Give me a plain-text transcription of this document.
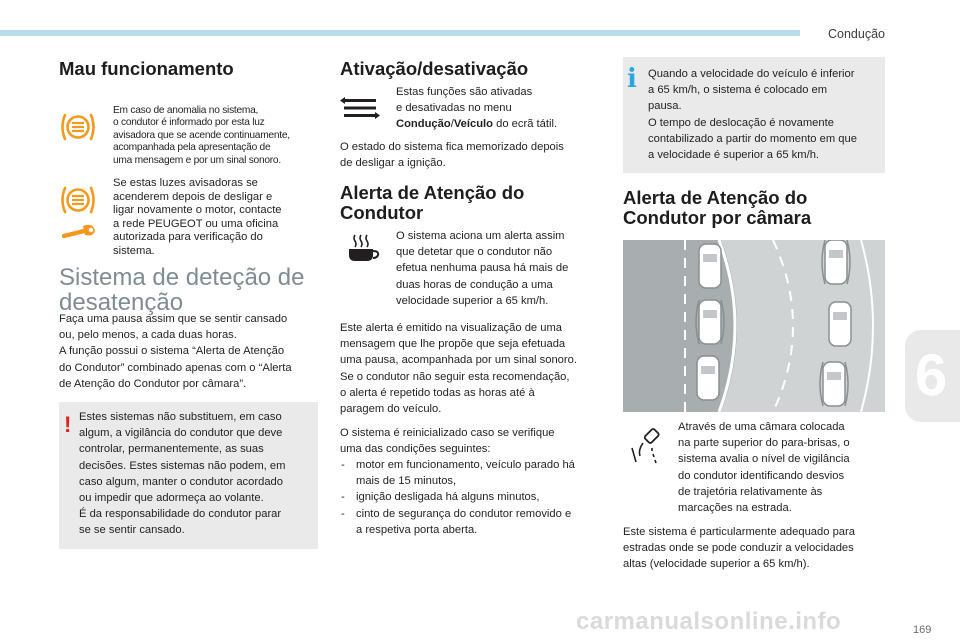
Condução
6
Mau funcionamento
Em caso de anomalia no sistema,
o condutor é informado por esta luz
avisadora que se acende continuamente,
acompanhada pela apresentação de
uma mensagem e por um sinal sonoro.
Se estas luzes avisadoras se
acenderem depois de desligar e
ligar novamente o motor, contacte
a rede PEUGEOT ou uma oficina
autorizada para verificação do
sistema.
Sistema de deteção de
desatenção
Faça uma pausa assim que se sentir cansado
ou, pelo menos, a cada duas horas.
A função possui o sistema “Alerta de Atenção
do Condutor” combinado apenas com o “Alerta
de Atenção do Condutor por câmara”.
! Estes sistemas não substituem, em caso
algum, a vigilância do condutor que deve
controlar, permanentemente, as suas
decisões. Estes sistemas não podem, em
caso algum, manter o condutor acordado
ou impedir que adormeça ao volante.
É da responsabilidade do condutor parar
se se sentir cansado.
Ativação/desativação
Estas funções são ativadas
e desativadas no menu
Condução/Veículo do ecrã tátil.
O estado do sistema fica memorizado depois
de desligar a ignição.
Alerta de Atenção do
Condutor
O sistema aciona um alerta assim
que detetar que o condutor não
efetua nenhuma pausa há mais de
duas horas de condução a uma
velocidade superior a 65 km/h.
Este alerta é emitido na visualização de uma
mensagem que lhe propõe que seja efetuada
uma pausa, acompanhada por um sinal sonoro.
Se o condutor não seguir esta recomendação,
o alerta é repetido todas as horas até à
paragem do veículo.
O sistema é reinicializado caso se verifique
uma das condições seguintes:
- motor em funcionamento, veículo parado há
mais de 15 minutos,
- ignição desligada há alguns minutos,
- cinto de segurança do condutor removido e
a respetiva porta aberta.
i Quando a velocidade do veículo é inferior
a 65 km/h, o sistema é colocado em
pausa.
O tempo de deslocação é novamente
contabilizado a partir do momento em que
a velocidade é superior a 65 km/h.
Alerta de Atenção do
Condutor por câmara
Através de uma câmara colocada
na parte superior do para-brisas, o
sistema avalia o nível de vigilância
do condutor identificando desvios
de trajetória relativamente às
marcações na estrada.
Este sistema é particularmente adequado para
estradas onde se pode conduzir a velocidades
altas (velocidade superior a 65 km/h).
carmanualsonline.info	169
